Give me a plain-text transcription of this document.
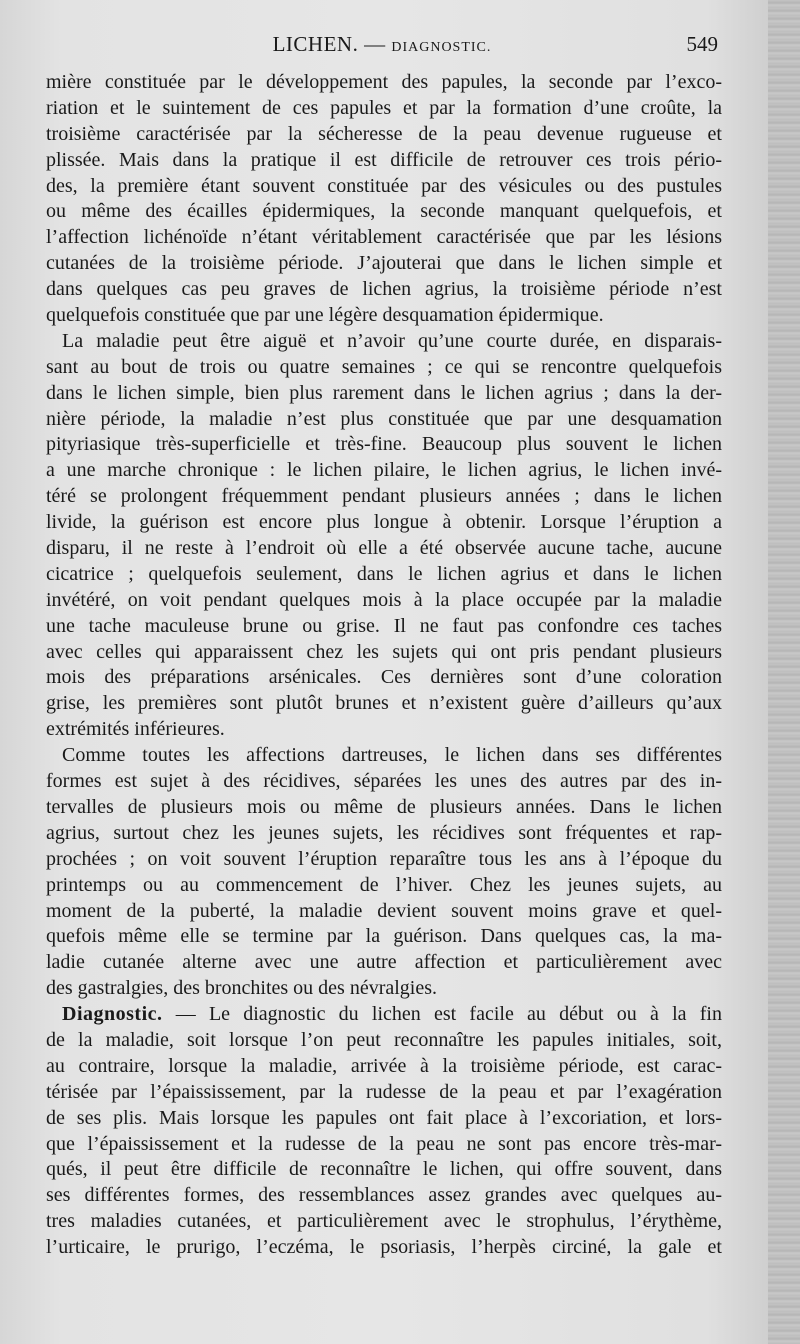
LICHEN. — DIAGNOSTIC.	549
mière constituée par le développement des papules, la seconde par l’exco-
riation et le suintement de ces papules et par la formation d’une croûte, la
troisième caractérisée par la sécheresse de la peau devenue rugueuse et
plissée. Mais dans la pratique il est difficile de retrouver ces trois pério-
des, la première étant souvent constituée par des vésicules ou des pustules
ou même des écailles épidermiques, la seconde manquant quelquefois, et
l’affection lichénoïde n’étant véritablement caractérisée que par les lésions
cutanées de la troisième période. J’ajouterai que dans le lichen simple et
dans quelques cas peu graves de lichen agrius, la troisième période n’est
quelquefois constituée que par une légère desquamation épidermique.
La maladie peut être aiguë et n’avoir qu’une courte durée, en disparais-
sant au bout de trois ou quatre semaines ; ce qui se rencontre quelquefois
dans le lichen simple, bien plus rarement dans le lichen agrius ; dans la der-
nière période, la maladie n’est plus constituée que par une desquamation
pityriasique très-superficielle et très-fine. Beaucoup plus souvent le lichen
a une marche chronique : le lichen pilaire, le lichen agrius, le lichen invé-
téré se prolongent fréquemment pendant plusieurs années ; dans le lichen
livide, la guérison est encore plus longue à obtenir. Lorsque l’éruption a
disparu, il ne reste à l’endroit où elle a été observée aucune tache, aucune
cicatrice ; quelquefois seulement, dans le lichen agrius et dans le lichen
invétéré, on voit pendant quelques mois à la place occupée par la maladie
une tache maculeuse brune ou grise. Il ne faut pas confondre ces taches
avec celles qui apparaissent chez les sujets qui ont pris pendant plusieurs
mois des préparations arsénicales. Ces dernières sont d’une coloration
grise, les premières sont plutôt brunes et n’existent guère d’ailleurs qu’aux
extrémités inférieures.
Comme toutes les affections dartreuses, le lichen dans ses différentes
formes est sujet à des récidives, séparées les unes des autres par des in-
tervalles de plusieurs mois ou même de plusieurs années. Dans le lichen
agrius, surtout chez les jeunes sujets, les récidives sont fréquentes et rap-
prochées ; on voit souvent l’éruption reparaître tous les ans à l’époque du
printemps ou au commencement de l’hiver. Chez les jeunes sujets, au
moment de la puberté, la maladie devient souvent moins grave et quel-
quefois même elle se termine par la guérison. Dans quelques cas, la ma-
ladie cutanée alterne avec une autre affection et particulièrement avec
des gastralgies, des bronchites ou des névralgies.
Diagnostic. — Le diagnostic du lichen est facile au début ou à la fin
de la maladie, soit lorsque l’on peut reconnaître les papules initiales, soit,
au contraire, lorsque la maladie, arrivée à la troisième période, est carac-
térisée par l’épaississement, par la rudesse de la peau et par l’exagération
de ses plis. Mais lorsque les papules ont fait place à l’excoriation, et lors-
que l’épaississement et la rudesse de la peau ne sont pas encore très-mar-
qués, il peut être difficile de reconnaître le lichen, qui offre souvent, dans
ses différentes formes, des ressemblances assez grandes avec quelques au-
tres maladies cutanées, et particulièrement avec le strophulus, l’érythème,
l’urticaire, le prurigo, l’eczéma, le psoriasis, l’herpès circiné, la gale et
